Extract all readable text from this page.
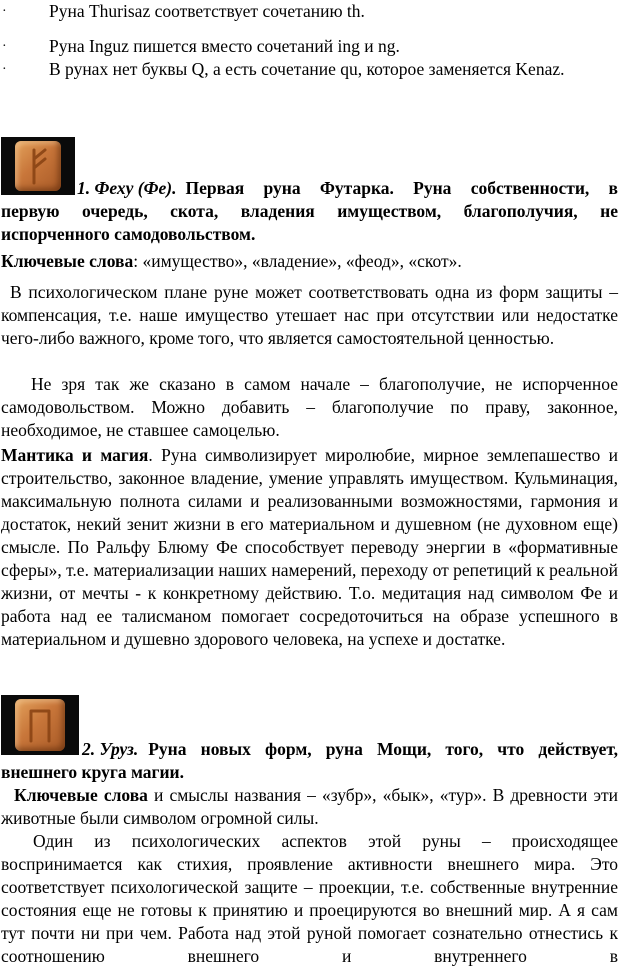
· Руна Thurisaz соответствует сочетанию th.
· Руна Inguz пишется вместо сочетаний ing и ng.
· В рунах нет буквы Q, а есть сочетание qu, которое заменяется Kenaz.
1. Феху (Фе). Первая руна Футарка. Руна собственности, в
первую очередь, скота, владения имуществом, благополучия, не
испорченного самодовольством.
Ключевые слова: «имущество», «владение», «феод», «скот».
В психологическом плане руне может соответствовать одна из форм защиты – компенсация, т.е. наше имущество утешает нас при отсутствии или недостатке чего-либо важного, кроме того, что является самостоятельной ценностью.
Не зря так же сказано в самом начале – благополучие, не испорченное самодовольством. Можно добавить – благополучие по праву, законное, необходимое, не ставшее самоцелью.
Мантика и магия. Руна символизирует миролюбие, мирное землепашество и строительство, законное владение, умение управлять имуществом. Кульминация, максимальную полнота силами и реализованными возможностями, гармония и достаток, некий зенит жизни в его материальном и душевном (не духовном еще) смысле. По Ральфу Блюму Фе способствует переводу энергии в «формативные сферы», т.е. материализации наших намерений, переходу от репетиций к реальной жизни, от мечты - к конкретному действию. Т.о. медитация над символом Фе и работа над ее талисманом помогает сосредоточиться на образе успешного в материальном и душевно здорового человека, на успехе и достатке.
2. Уруз. Руна новых форм, руна Мощи, того, что действует,
внешнего круга магии.
Ключевые слова и смыслы названия – «зубр», «бык», «тур». В древности эти животные были символом огромной силы.
Один из психологических аспектов этой руны – происходящее воспринимается как стихия, проявление активности внешнего мира. Это соответствует психологической защите – проекции, т.е. собственные внутренние состояния еще не готовы к принятию и проецируются во внешний мир. А я сам тут почти ни при чем. Работа над этой руной помогает сознательно отнестись к соотношению внешнего и внутреннего в
